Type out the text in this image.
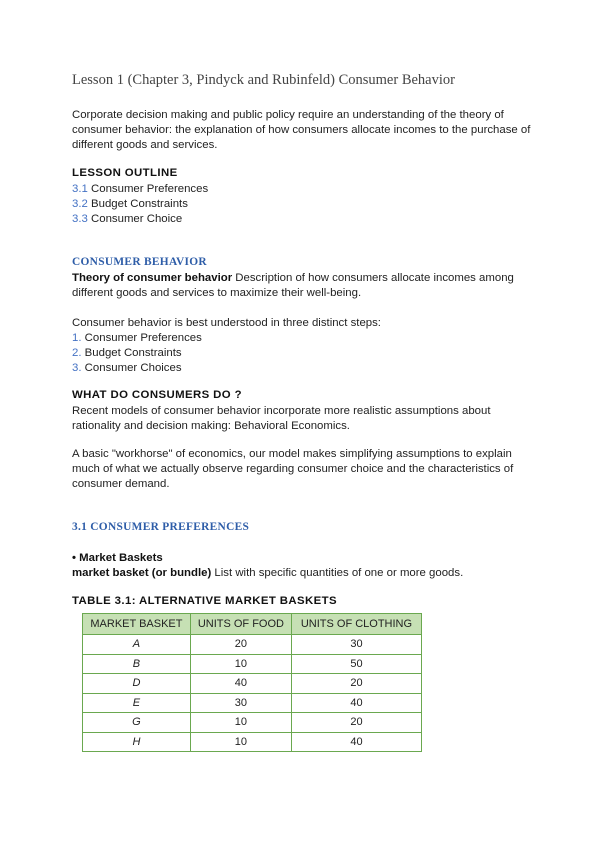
Lesson 1 (Chapter 3, Pindyck and Rubinfeld) Consumer Behavior
Corporate decision making and public policy require an understanding of the theory of
consumer behavior: the explanation of how consumers allocate incomes to the purchase of
different goods and services.
LESSON OUTLINE
3.1 Consumer Preferences
3.2 Budget Constraints
3.3 Consumer Choice
CONSUMER BEHAVIOR
Theory of consumer behavior Description of how consumers allocate incomes among
different goods and services to maximize their well-being.
Consumer behavior is best understood in three distinct steps:
1. Consumer Preferences
2. Budget Constraints
3. Consumer Choices
WHAT DO CONSUMERS DO ?
Recent models of consumer behavior incorporate more realistic assumptions about
rationality and decision making: Behavioral Economics.
A basic "workhorse" of economics, our model makes simplifying assumptions to explain
much of what we actually observe regarding consumer choice and the characteristics of
consumer demand.
3.1 CONSUMER PREFERENCES
• Market Baskets
market basket (or bundle) List with specific quantities of one or more goods.
TABLE 3.1: ALTERNATIVE MARKET BASKETS
MARKET BASKET	UNITS OF FOOD	UNITS OF CLOTHING
A	20	30
B	10	50
D	40	20
E	30	40
G	10	20
H	10	40
